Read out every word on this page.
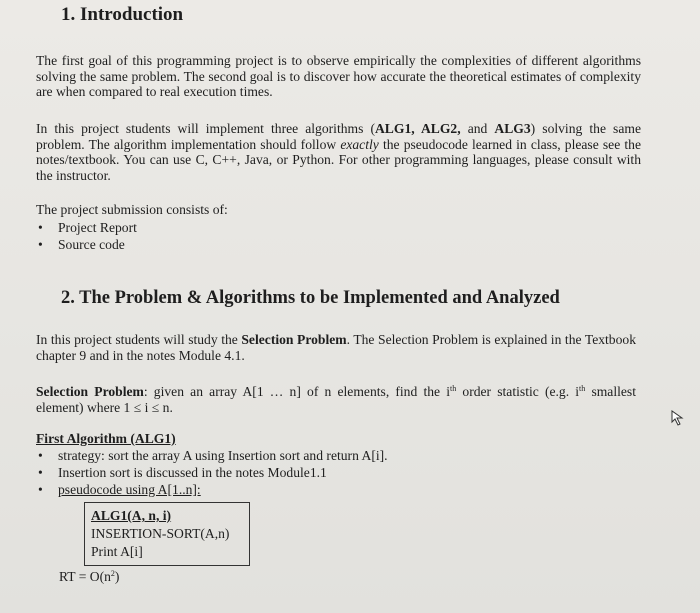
1. Introduction

The first goal of this programming project is to observe empirically the complexities of different algorithms solving the same problem. The second goal is to discover how accurate the theoretical estimates of complexity are when compared to real execution times.

In this project students will implement three algorithms (ALG1, ALG2, and ALG3) solving the same problem. The algorithm implementation should follow exactly the pseudocode learned in class, please see the notes/textbook. You can use C, C++, Java, or Python. For other programming languages, please consult with the instructor.

The project submission consists of:

• Project Report
• Source code
2. The Problem & Algorithms to be Implemented and Analyzed

In this project students will study the Selection Problem. The Selection Problem is explained in the Textbook chapter 9 and in the notes Module 4.1.

Selection Problem: given an array A[1 … n] of n elements, find the $i^{th}$ order statistic (e.g. $i^{th}$ smallest element) where 1 ≤ i ≤ n.

First Algorithm (ALG1)
• strategy: sort the array A using Insertion sort and return A[i].
• Insertion sort is discussed in the notes Module1.1
• pseudocode using A[1..n]:
ALG1(A, n, i)
INSERTION-SORT(A,n)
Print A[i]
RT = $O(n^2)$
